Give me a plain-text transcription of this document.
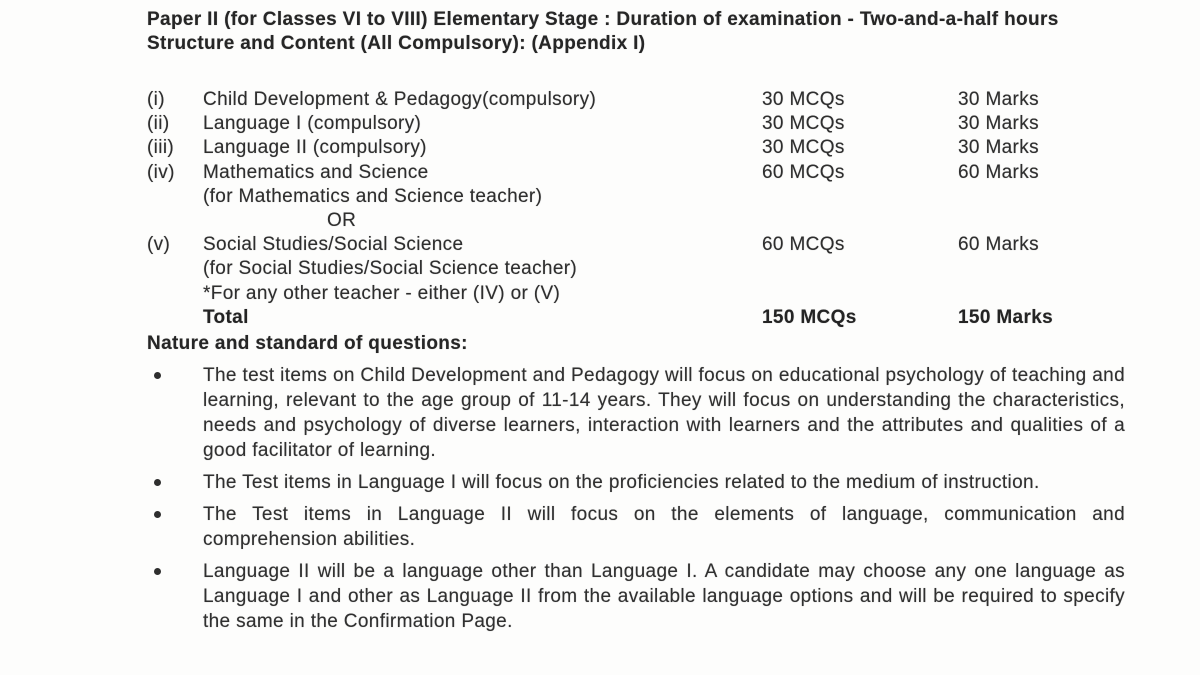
Paper II (for Classes VI to VIII) Elementary Stage : Duration of examination - Two-and-a-half hours
Structure and Content (All Compulsory): (Appendix I)
(i)	Child Development & Pedagogy(compulsory)	30 MCQs	30 Marks
(ii)	Language I (compulsory)	30 MCQs	30 Marks
(iii)	Language II (compulsory)	30 MCQs	30 Marks
(iv)	Mathematics and Science	60 MCQs	60 Marks
(for Mathematics and Science teacher)
OR
(v)	Social Studies/Social Science	60 MCQs	60 Marks
(for Social Studies/Social Science teacher)
*For any other teacher - either (IV) or (V)
Total	150 MCQs	150 Marks
Nature and standard of questions:
The test items on Child Development and Pedagogy will focus on educational psychology of teaching and learning, relevant to the age group of 11-14 years. They will focus on understanding the characteristics, needs and psychology of diverse learners, interaction with learners and the attributes and qualities of a good facilitator of learning.
The Test items in Language I will focus on the proficiencies related to the medium of instruction.
The Test items in Language II will focus on the elements of language, communication and comprehension abilities.
Language II will be a language other than Language I. A candidate may choose any one language as Language I and other as Language II from the available language options and will be required to specify the same in the Confirmation Page.
